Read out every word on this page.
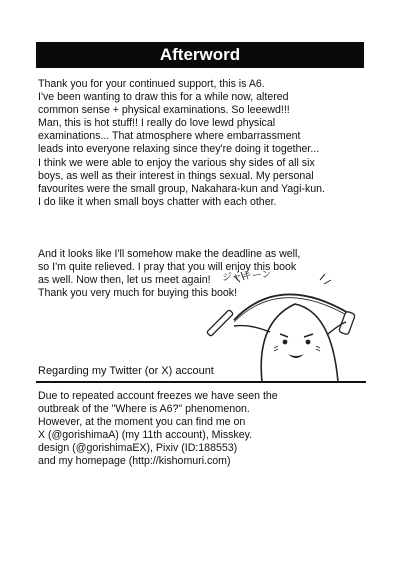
Afterword
Thank you for your continued support, this is A6.
I've been wanting to draw this for a while now, altered
common sense + physical examinations. So leeewd!!!
Man, this is hot stuff!! I really do love lewd physical
examinations... That atmosphere where embarrassment
leads into everyone relaxing since they're doing it together...
I think we were able to enjoy the various shy sides of all six
boys, as well as their interest in things sexual. My personal
favourites were the small group, Nakahara-kun and Yagi-kun.
I do like it when small boys chatter with each other.
And it looks like I'll somehow make the deadline as well,
so I'm quite relieved. I pray that you will enjoy this book
as well. Now then, let us meet again!
Thank you very much for buying this book!
ジャキーン
Regarding my Twitter (or X) account
Due to repeated account freezes we have seen the
outbreak of the "Where is A6?" phenomenon.
However, at the moment you can find me on
X (@gorishimaA) (my 11th account), Misskey.
design (@gorishimaEX), Pixiv (ID:188553)
and my homepage (http://kishomuri.com)
